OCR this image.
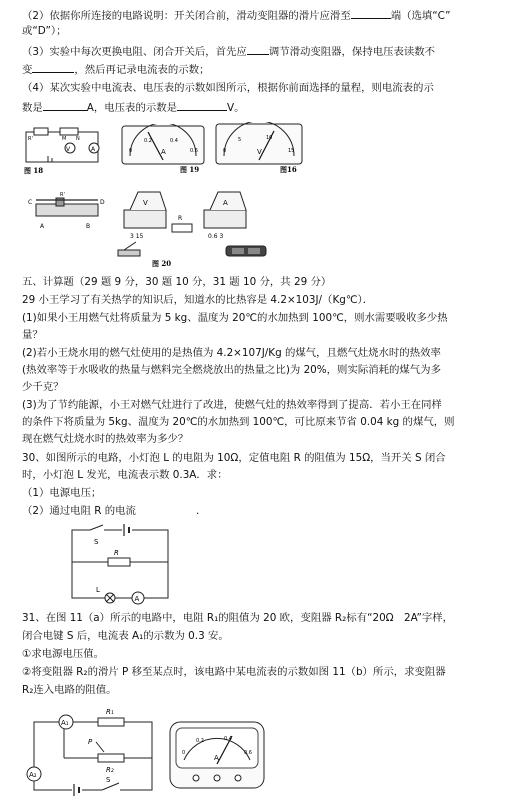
（2）依据你所连接的电路说明：开关闭合前，滑动变阻器的滑片应滑至	端（选填“C”
或“D”）；
（3）实验中每次更换电阻、闭合开关后，首先应 调节滑动变阻器，保持电压表读数不
变	，然后再记录电流表的示数；
（4）某次实验中电流表、电压表的示数如图所示，根据你前面选择的量程，则电流表的示
数是	A，电压表的示数是	V。
图 18
V	A
R'	M N
0
0.2	0.4
0.6
A
图 19
0
5	10
15
V
图16
C	D
A	B
R'
V
3 15
R
A
0.6 3
图 20
五、计算题（29 题 9 分，30 题 10 分，31 题 10 分，共 29 分）
29 小王学习了有关热学的知识后，知道水的比热容是 4.2×103J/（Kg℃）．
(1)如果小王用燃气灶将质量为 5 kg、温度为 20℃的水加热到 100℃，则水需要吸收多少热
量？
(2)若小王烧水用的燃气灶使用的是热值为 4.2×107J/Kg 的煤气，且燃气灶烧水时的热效率
(热效率等于水吸收的热量与燃料完全燃烧放出的热量之比)为 20%，则实际消耗的煤气为多
少千克？
(3)为了节约能源，小王对燃气灶进行了改进，使燃气灶的热效率得到了提高．若小王在同样
的条件下将质量为 5kg、温度为 20℃的水加热到 100℃，可比原来节省 0.04 kg 的煤气，则
现在燃气灶烧水时的热效率为多少？
30、如图所示的电路，小灯泡 L 的电阻为 10Ω，定值电阻 R 的阻值为 15Ω，当开关 S 闭合
时，小灯泡 L 发光，电流表示数 0.3A．求：
（1）电源电压；
（2）通过电阻 R 的电流	.
S
R
L
A
31、在图 11（a）所示的电路中，电阻 R₁的阻值为 20 欧，变阻器 R₂标有“20Ω　2A”字样，
闭合电键 S 后，电流表 A₁的示数为 0.3 安。
①求电源电压值。
②将变阻器 R₂的滑片 P 移至某点时，该电路中某电流表的示数如图 11（b）所示，求变阻器
R₂连入电路的阻值。
A₁
R₁
R₂
P
A₂
S
0
0.2	0.4
0.6
A
